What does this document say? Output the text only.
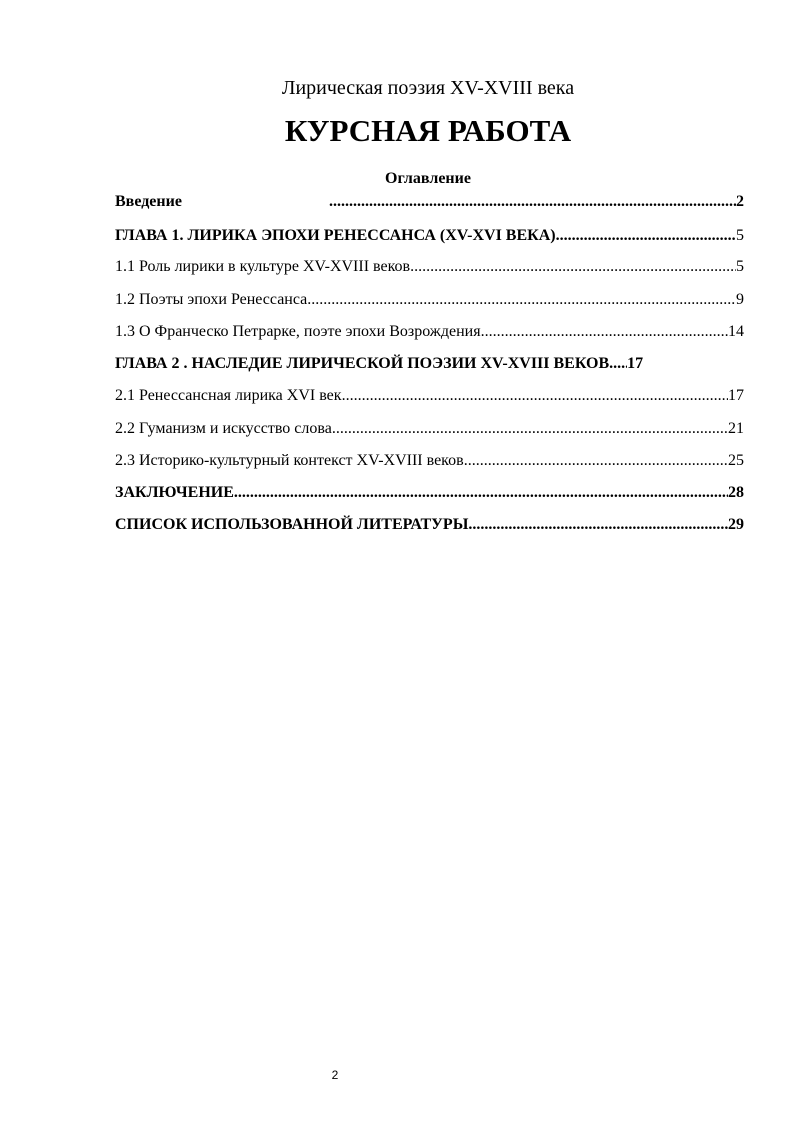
Лирическая поэзия XV-XVIII века
КУРСНАЯ РАБОТА
Оглавление
Введение .....	2
ГЛАВА 1. ЛИРИКА ЭПОХИ РЕНЕССАНСА (XV-XVI ВЕКА) .....	5
1.1 Роль лирики в культуре XV-XVIII веков .....	5
1.2 Поэты эпохи Ренессанса .....	9
1.3 О Франческо Петрарке, поэте эпохи Возрождения .....	14
ГЛАВА 2 . НАСЛЕДИЕ ЛИРИЧЕСКОЙ ПОЭЗИИ XV-XVIII ВЕКОВ ..... 17
2.1 Ренессансная лирика XVI век .....	17
2.2 Гуманизм и искусство слова .....	21
2.3 Историко-культурный контекст XV-XVIII веков .....	25
ЗАКЛЮЧЕНИЕ .....	28
СПИСОК ИСПОЛЬЗОВАННОЙ ЛИТЕРАТУРЫ .....	29
2
